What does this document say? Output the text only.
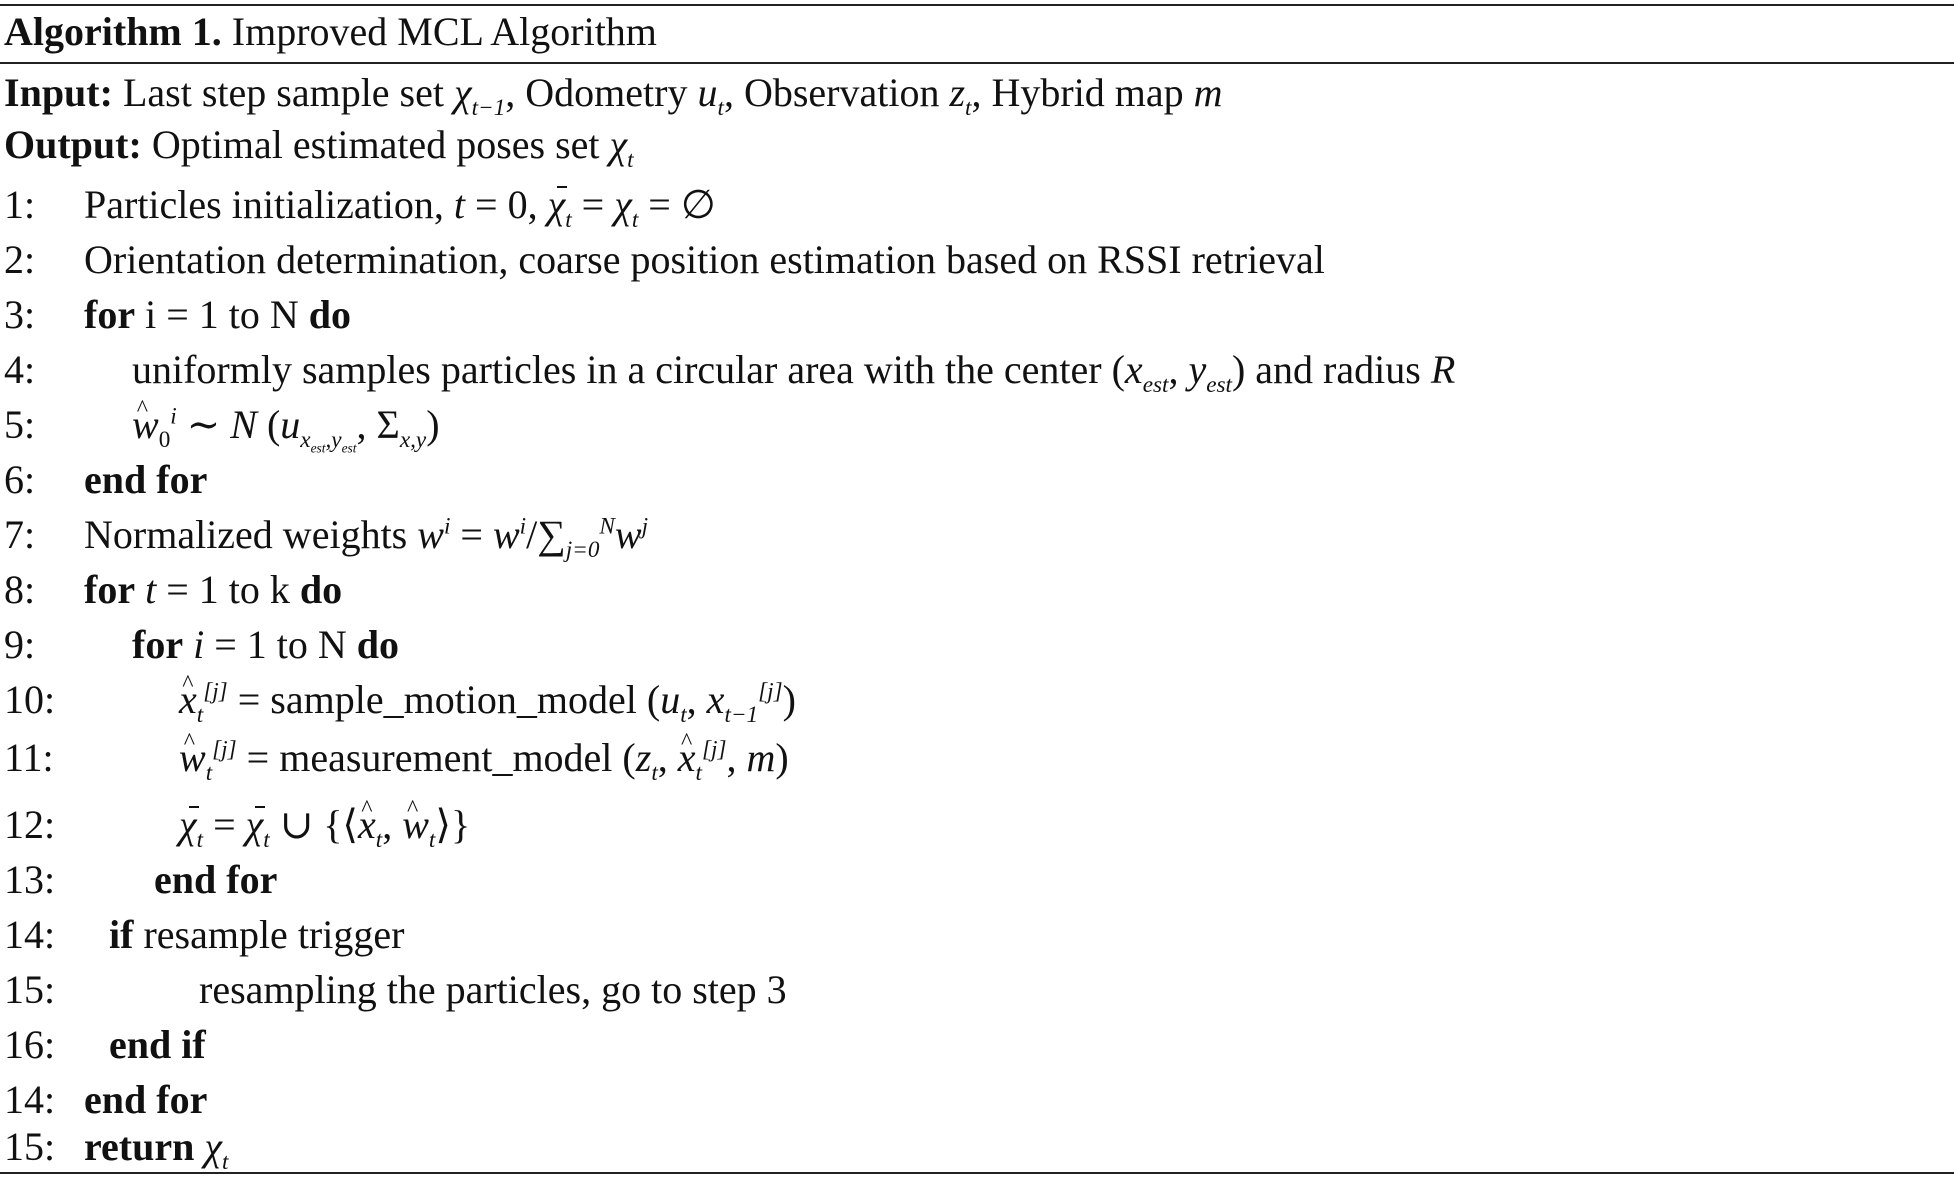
Algorithm 1. Improved MCL Algorithm
Input: Last step sample set $\chi_{t-1}$, Odometry $u_t$, Observation $z_t$, Hybrid map m
Output: Optimal estimated poses set $\chi_t$
1: Particles initialization, t = 0, $\chi_t = \chi_t$ = ∅
2: Orientation determination, coarse position estimation based on RSSI retrieval
3: for i = 1 to N do
4: uniformly samples particles in a circular area with the center ($x_{est}$, $y_{est}$) and radius R
5: ^ $w_0^i$ ∼ N ($u_{x_{est},y_{est}}$, $\Sigma_{x,y}$)
6: end for
7: Normalized weights $w^i = w^i/\sum_{j=0}^Nw^j$
8: for t = 1 to k do
9: for i = 1 to N do
10:	^ $x_t[j]$ = sample_motion_model ($u_t$, $x_{t-1}[j]$)
11:	^ $w_t[j]$ = measurement_model ($z_t$, ^ $x_t[j]$, m)
12:	$\chi_t = \chi_t$ ∪ {⟨^ $x_t$, ^ $w_t⟩$}
13: end for
14: if resample trigger
15:	resampling the particles, go to step 3
16: end if
14: end for
15: return $\chi_t$
